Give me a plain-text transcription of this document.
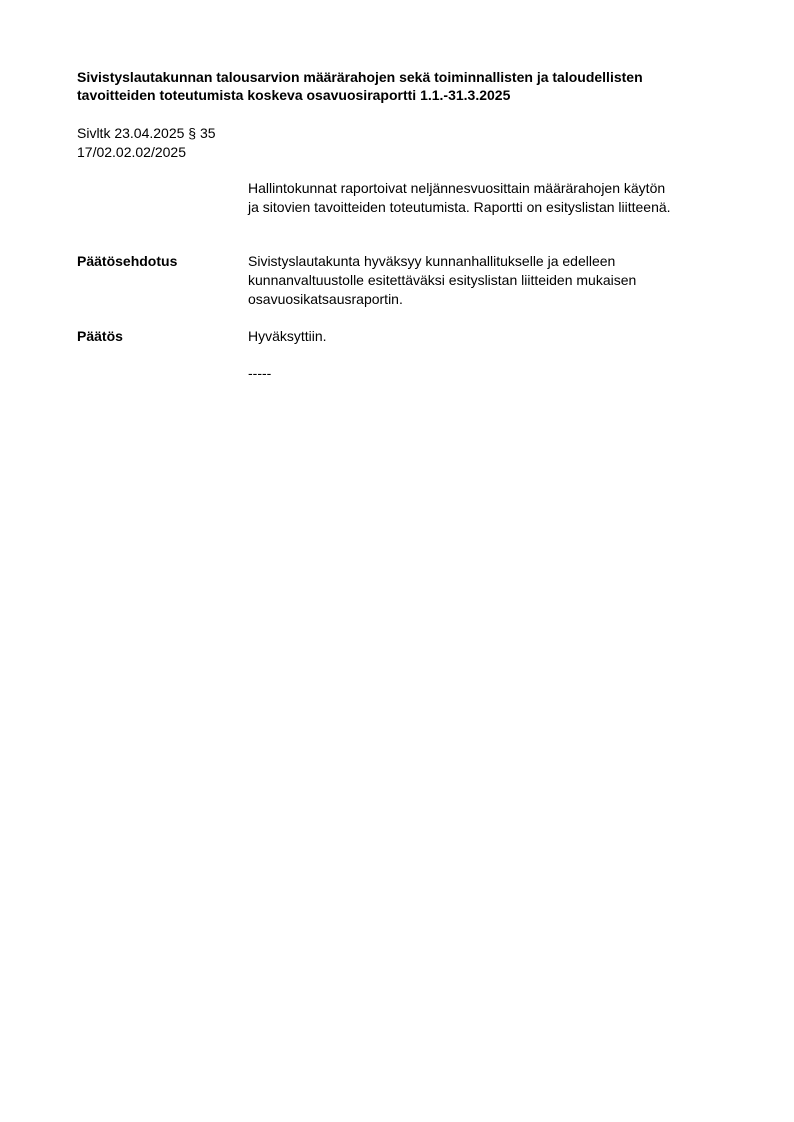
Sivistyslautakunnan talousarvion määrärahojen sekä toiminnallisten ja taloudellisten
tavoitteiden toteutumista koskeva osavuosiraportti 1.1.-31.3.2025
Sivltk 23.04.2025 § 35
17/02.02.02/2025
Hallintokunnat raportoivat neljännesvuosittain määrärahojen käytön
ja sitovien tavoitteiden toteutumista. Raportti on esityslistan liitteenä.
Päätösehdotus	Sivistyslautakunta hyväksyy kunnanhallitukselle ja edelleen
kunnanvaltuustolle esitettäväksi esityslistan liitteiden mukaisen
osavuosikatsausraportin.
Päätös	Hyväksyttiin.
-----
